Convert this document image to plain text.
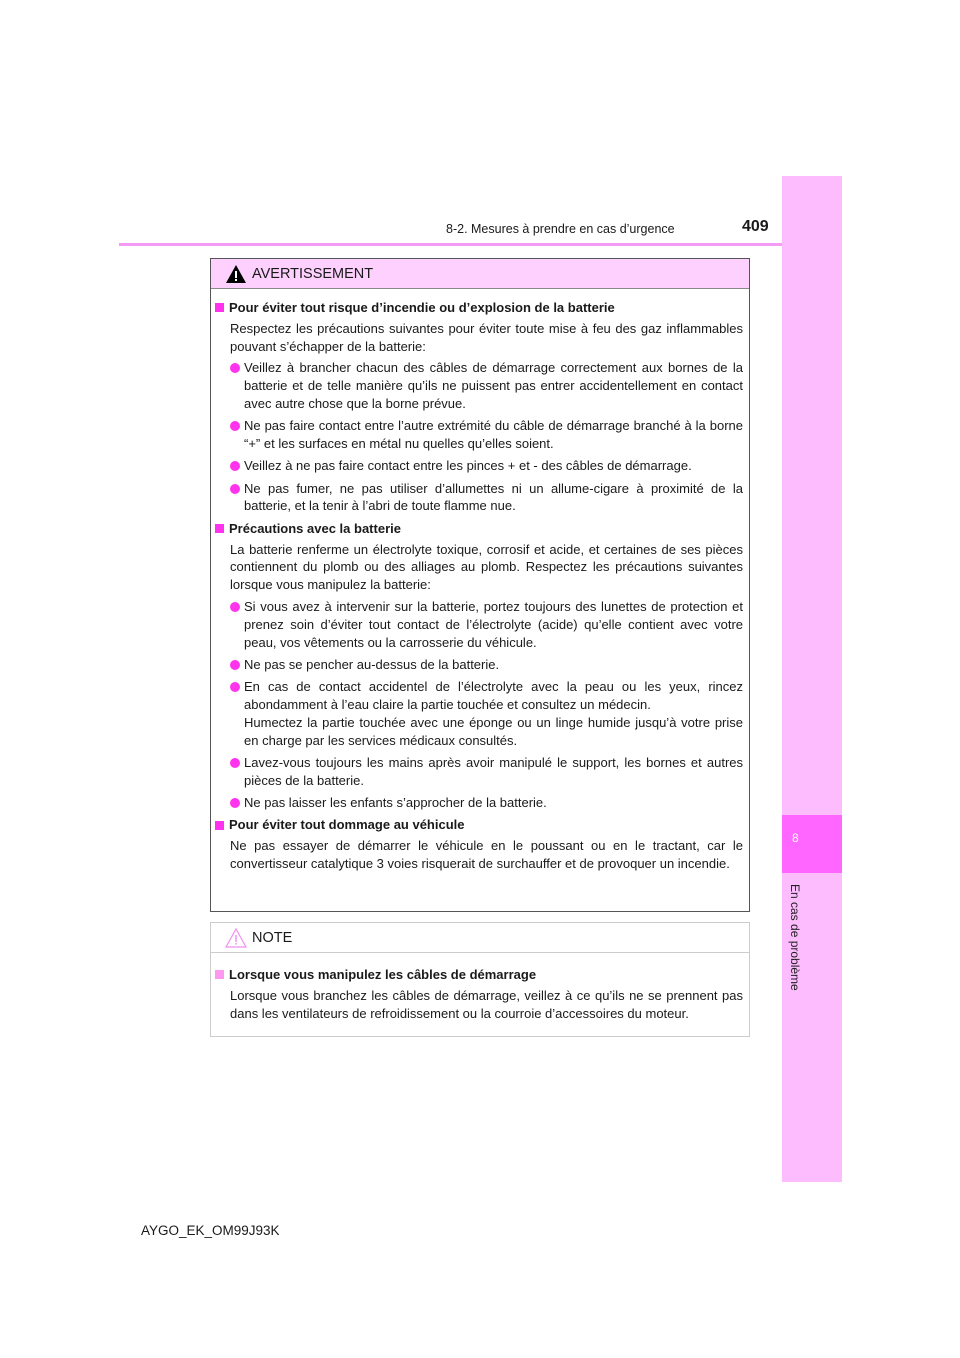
8-2. Mesures à prendre en cas d’urgence	409
8
En cas de problème
AVERTISSEMENT
Pour éviter tout risque d’incendie ou d’explosion de la batterie
Respectez les précautions suivantes pour éviter toute mise à feu des gaz inflammables pouvant s’échapper de la batterie:
Veillez à brancher chacun des câbles de démarrage correctement aux bornes de la batterie et de telle manière qu’ils ne puissent pas entrer accidentellement en contact avec autre chose que la borne prévue.
Ne pas faire contact entre l’autre extrémité du câble de démarrage branché à la borne “+” et les surfaces en métal nu quelles qu’elles soient.
Veillez à ne pas faire contact entre les pinces + et - des câbles de démarrage.
Ne pas fumer, ne pas utiliser d’allumettes ni un allume-cigare à proximité de la batterie, et la tenir à l’abri de toute flamme nue.
Précautions avec la batterie
La batterie renferme un électrolyte toxique, corrosif et acide, et certaines de ses pièces contiennent du plomb ou des alliages au plomb. Respectez les précautions suivantes lorsque vous manipulez la batterie:
Si vous avez à intervenir sur la batterie, portez toujours des lunettes de protection et prenez soin d’éviter tout contact de l’électrolyte (acide) qu’elle contient avec votre peau, vos vêtements ou la carrosserie du véhicule.
Ne pas se pencher au-dessus de la batterie.
En cas de contact accidentel de l’électrolyte avec la peau ou les yeux, rincez abondamment à l’eau claire la partie touchée et consultez un médecin.
Humectez la partie touchée avec une éponge ou un linge humide jusqu’à votre prise en charge par les services médicaux consultés.
Lavez-vous toujours les mains après avoir manipulé le support, les bornes et autres pièces de la batterie.
Ne pas laisser les enfants s’approcher de la batterie.
Pour éviter tout dommage au véhicule
Ne pas essayer de démarrer le véhicule en le poussant ou en le tractant, car le convertisseur catalytique 3 voies risquerait de surchauffer et de provoquer un incendie.
NOTE
Lorsque vous manipulez les câbles de démarrage
Lorsque vous branchez les câbles de démarrage, veillez à ce qu’ils ne se prennent pas dans les ventilateurs de refroidissement ou la courroie d’accessoires du moteur.
AYGO_EK_OM99J93K
